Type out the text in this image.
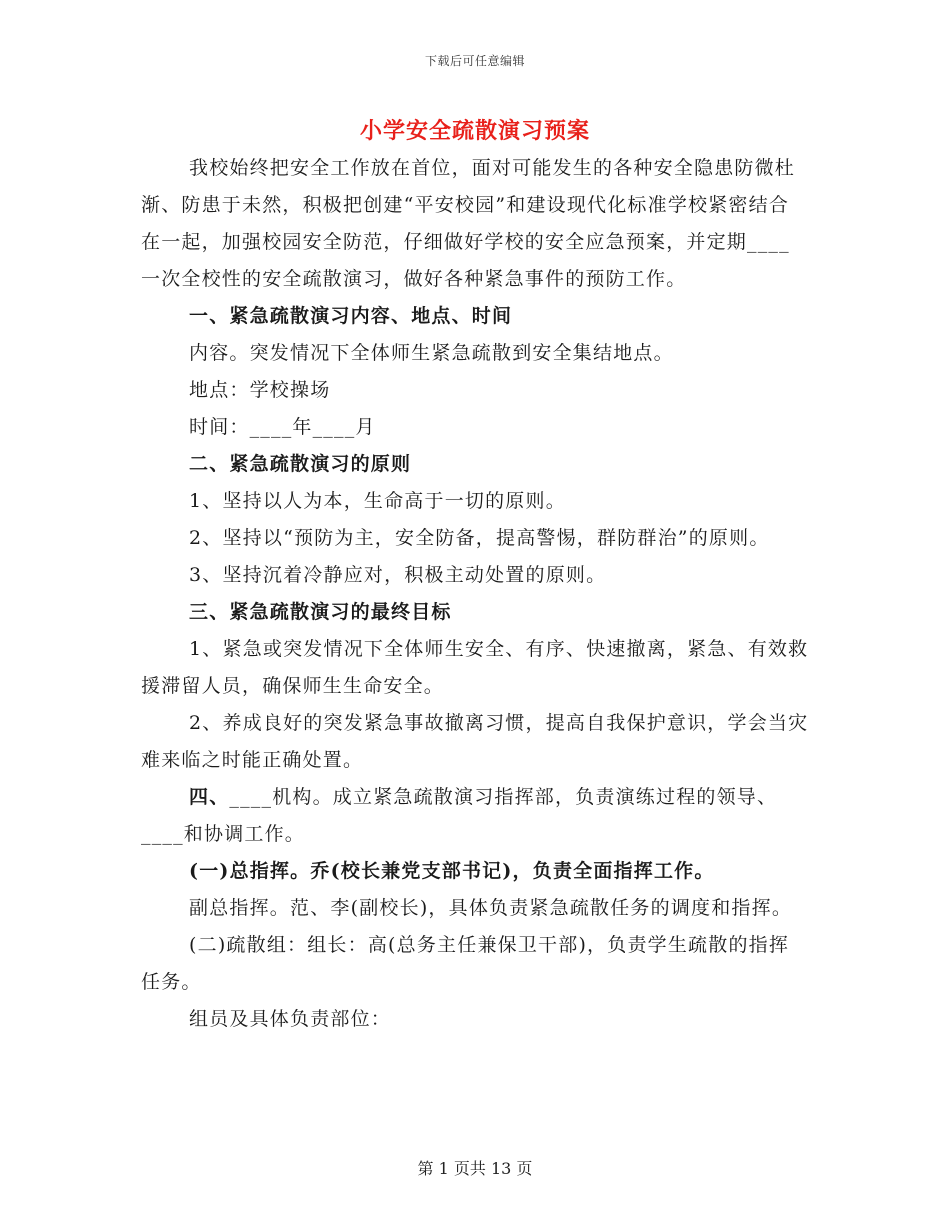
下载后可任意编辑
小学安全疏散演习预案

我校始终把安全工作放在首位，面对可能发生的各种安全隐患防微杜渐、防患于未然，积极把创建“平安校园”和建设现代化标准学校紧密结合在一起，加强校园安全防范，仔细做好学校的安全应急预案，并定期____一次全校性的安全疏散演习，做好各种紧急事件的预防工作。

一、紧急疏散演习内容、地点、时间

内容。突发情况下全体师生紧急疏散到安全集结地点。

地点：学校操场

时间：____年____月

二、紧急疏散演习的原则

1、坚持以人为本，生命高于一切的原则。

2、坚持以“预防为主，安全防备，提高警惕，群防群治”的原则。

3、坚持沉着冷静应对，积极主动处置的原则。

三、紧急疏散演习的最终目标

1、紧急或突发情况下全体师生安全、有序、快速撤离，紧急、有效救援滞留人员，确保师生生命安全。

2、养成良好的突发紧急事故撤离习惯，提高自我保护意识，学会当灾难来临之时能正确处置。

四、____机构。成立紧急疏散演习指挥部，负责演练过程的领导、____和协调工作。

(一)总指挥。乔(校长兼党支部书记)，负责全面指挥工作。

副总指挥。范、李(副校长)，具体负责紧急疏散任务的调度和指挥。

(二)疏散组：组长：高(总务主任兼保卫干部)，负责学生疏散的指挥任务。

组员及具体负责部位：

第 1 页共 13 页
